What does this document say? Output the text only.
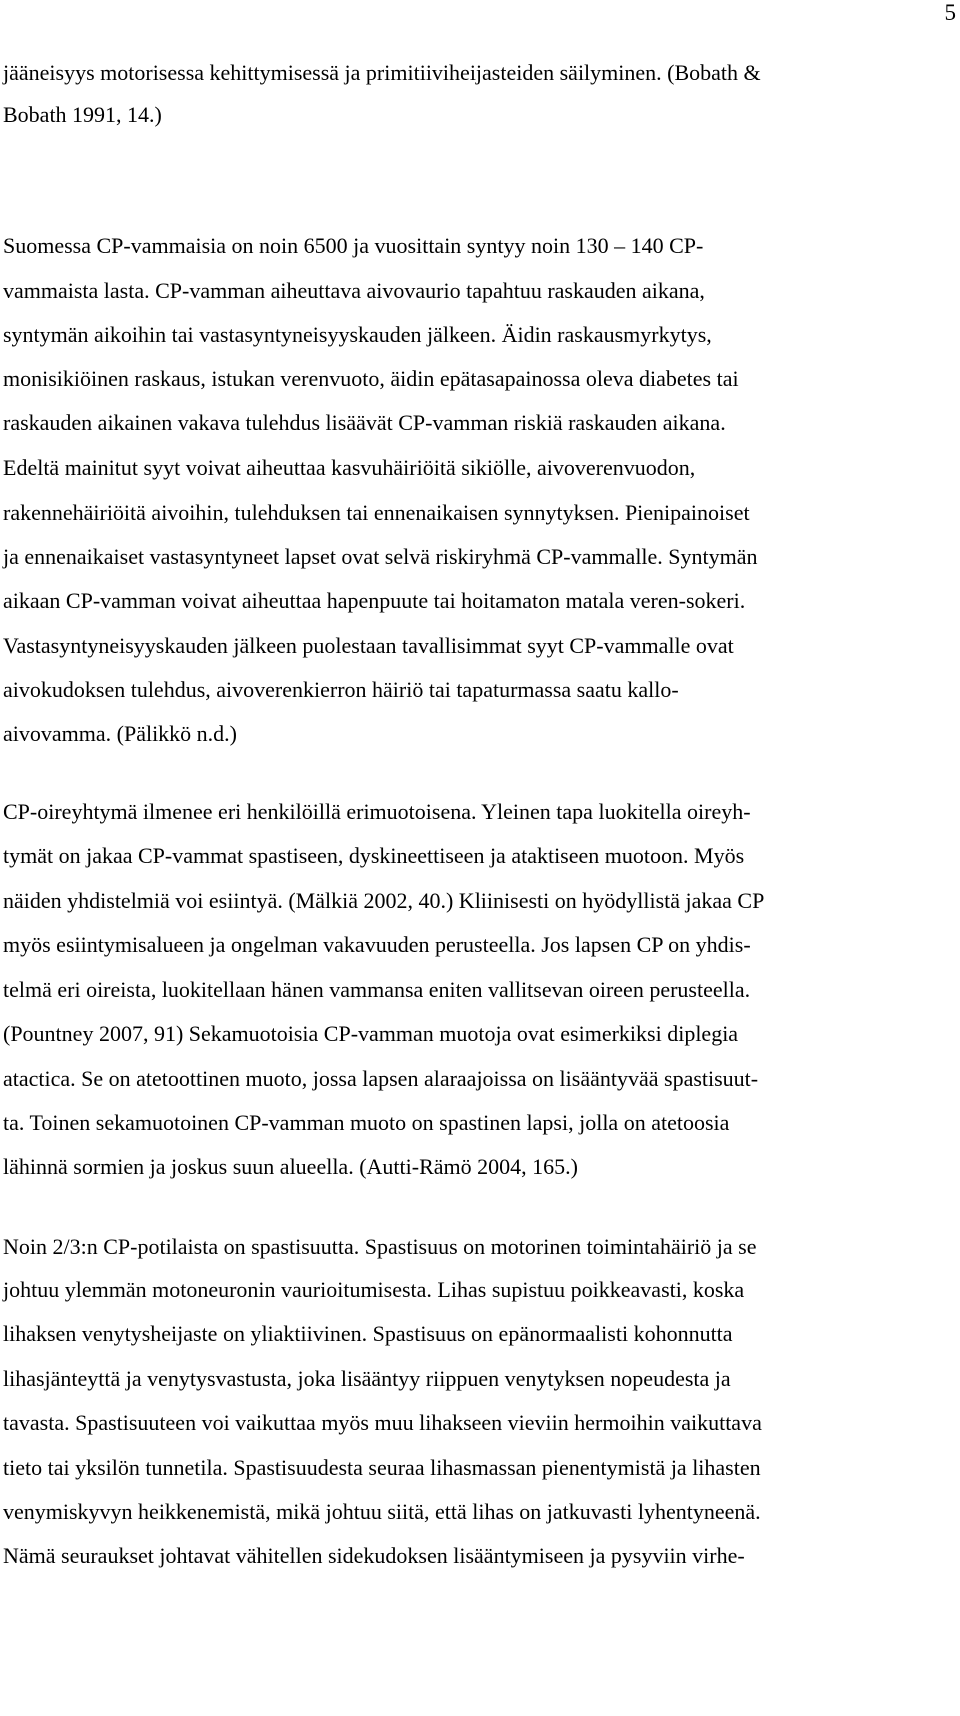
5
jääneisyys motorisessa kehittymisessä ja primitiiviheijasteiden säilyminen. (Bobath &
Bobath 1991, 14.)
Suomessa CP-vammaisia on noin 6500 ja vuosittain syntyy noin 130 – 140 CP-
vammaista lasta. CP-vamman aiheuttava aivovaurio tapahtuu raskauden aikana,
syntymän aikoihin tai vastasyntyneisyyskauden jälkeen. Äidin raskausmyrkytys,
monisikiöinen raskaus, istukan verenvuoto, äidin epätasapainossa oleva diabetes tai
raskauden aikainen vakava tulehdus lisäävät CP-vamman riskiä raskauden aikana.
Edeltä mainitut syyt voivat aiheuttaa kasvuhäiriöitä sikiölle, aivoverenvuodon,
rakennehäiriöitä aivoihin, tulehduksen tai ennenaikaisen synnytyksen. Pienipainoiset
ja ennenaikaiset vastasyntyneet lapset ovat selvä riskiryhmä CP-vammalle. Syntymän
aikaan CP-vamman voivat aiheuttaa hapenpuute tai hoitamaton matala veren-sokeri.
Vastasyntyneisyyskauden jälkeen puolestaan tavallisimmat syyt CP-vammalle ovat
aivokudoksen tulehdus, aivoverenkierron häiriö tai tapaturmassa saatu kallo-
aivovamma. (Pälikkö n.d.)
CP-oireyhtymä ilmenee eri henkilöillä erimuotoisena. Yleinen tapa luokitella oireyh-
tymät on jakaa CP-vammat spastiseen, dyskineettiseen ja ataktiseen muotoon. Myös
näiden yhdistelmiä voi esiintyä. (Mälkiä 2002, 40.) Kliinisesti on hyödyllistä jakaa CP
myös esiintymisalueen ja ongelman vakavuuden perusteella. Jos lapsen CP on yhdis-
telmä eri oireista, luokitellaan hänen vammansa eniten vallitsevan oireen perusteella.
(Pountney 2007, 91) Sekamuotoisia CP-vamman muotoja ovat esimerkiksi diplegia
atactica. Se on atetoottinen muoto, jossa lapsen alaraajoissa on lisääntyvää spastisuut-
ta. Toinen sekamuotoinen CP-vamman muoto on spastinen lapsi, jolla on atetoosia
lähinnä sormien ja joskus suun alueella. (Autti-Rämö 2004, 165.)
Noin 2/3:n CP-potilaista on spastisuutta. Spastisuus on motorinen toimintahäiriö ja se
johtuu ylemmän motoneuronin vaurioitumisesta. Lihas supistuu poikkeavasti, koska
lihaksen venytysheijaste on yliaktiivinen. Spastisuus on epänormaalisti kohonnutta
lihasjänteyttä ja venytysvastusta, joka lisääntyy riippuen venytyksen nopeudesta ja
tavasta. Spastisuuteen voi vaikuttaa myös muu lihakseen vieviin hermoihin vaikuttava
tieto tai yksilön tunnetila. Spastisuudesta seuraa lihasmassan pienentymistä ja lihasten
venymiskyvyn heikkenemistä, mikä johtuu siitä, että lihas on jatkuvasti lyhentyneenä.
Nämä seuraukset johtavat vähitellen sidekudoksen lisääntymiseen ja pysyviin virhe-
